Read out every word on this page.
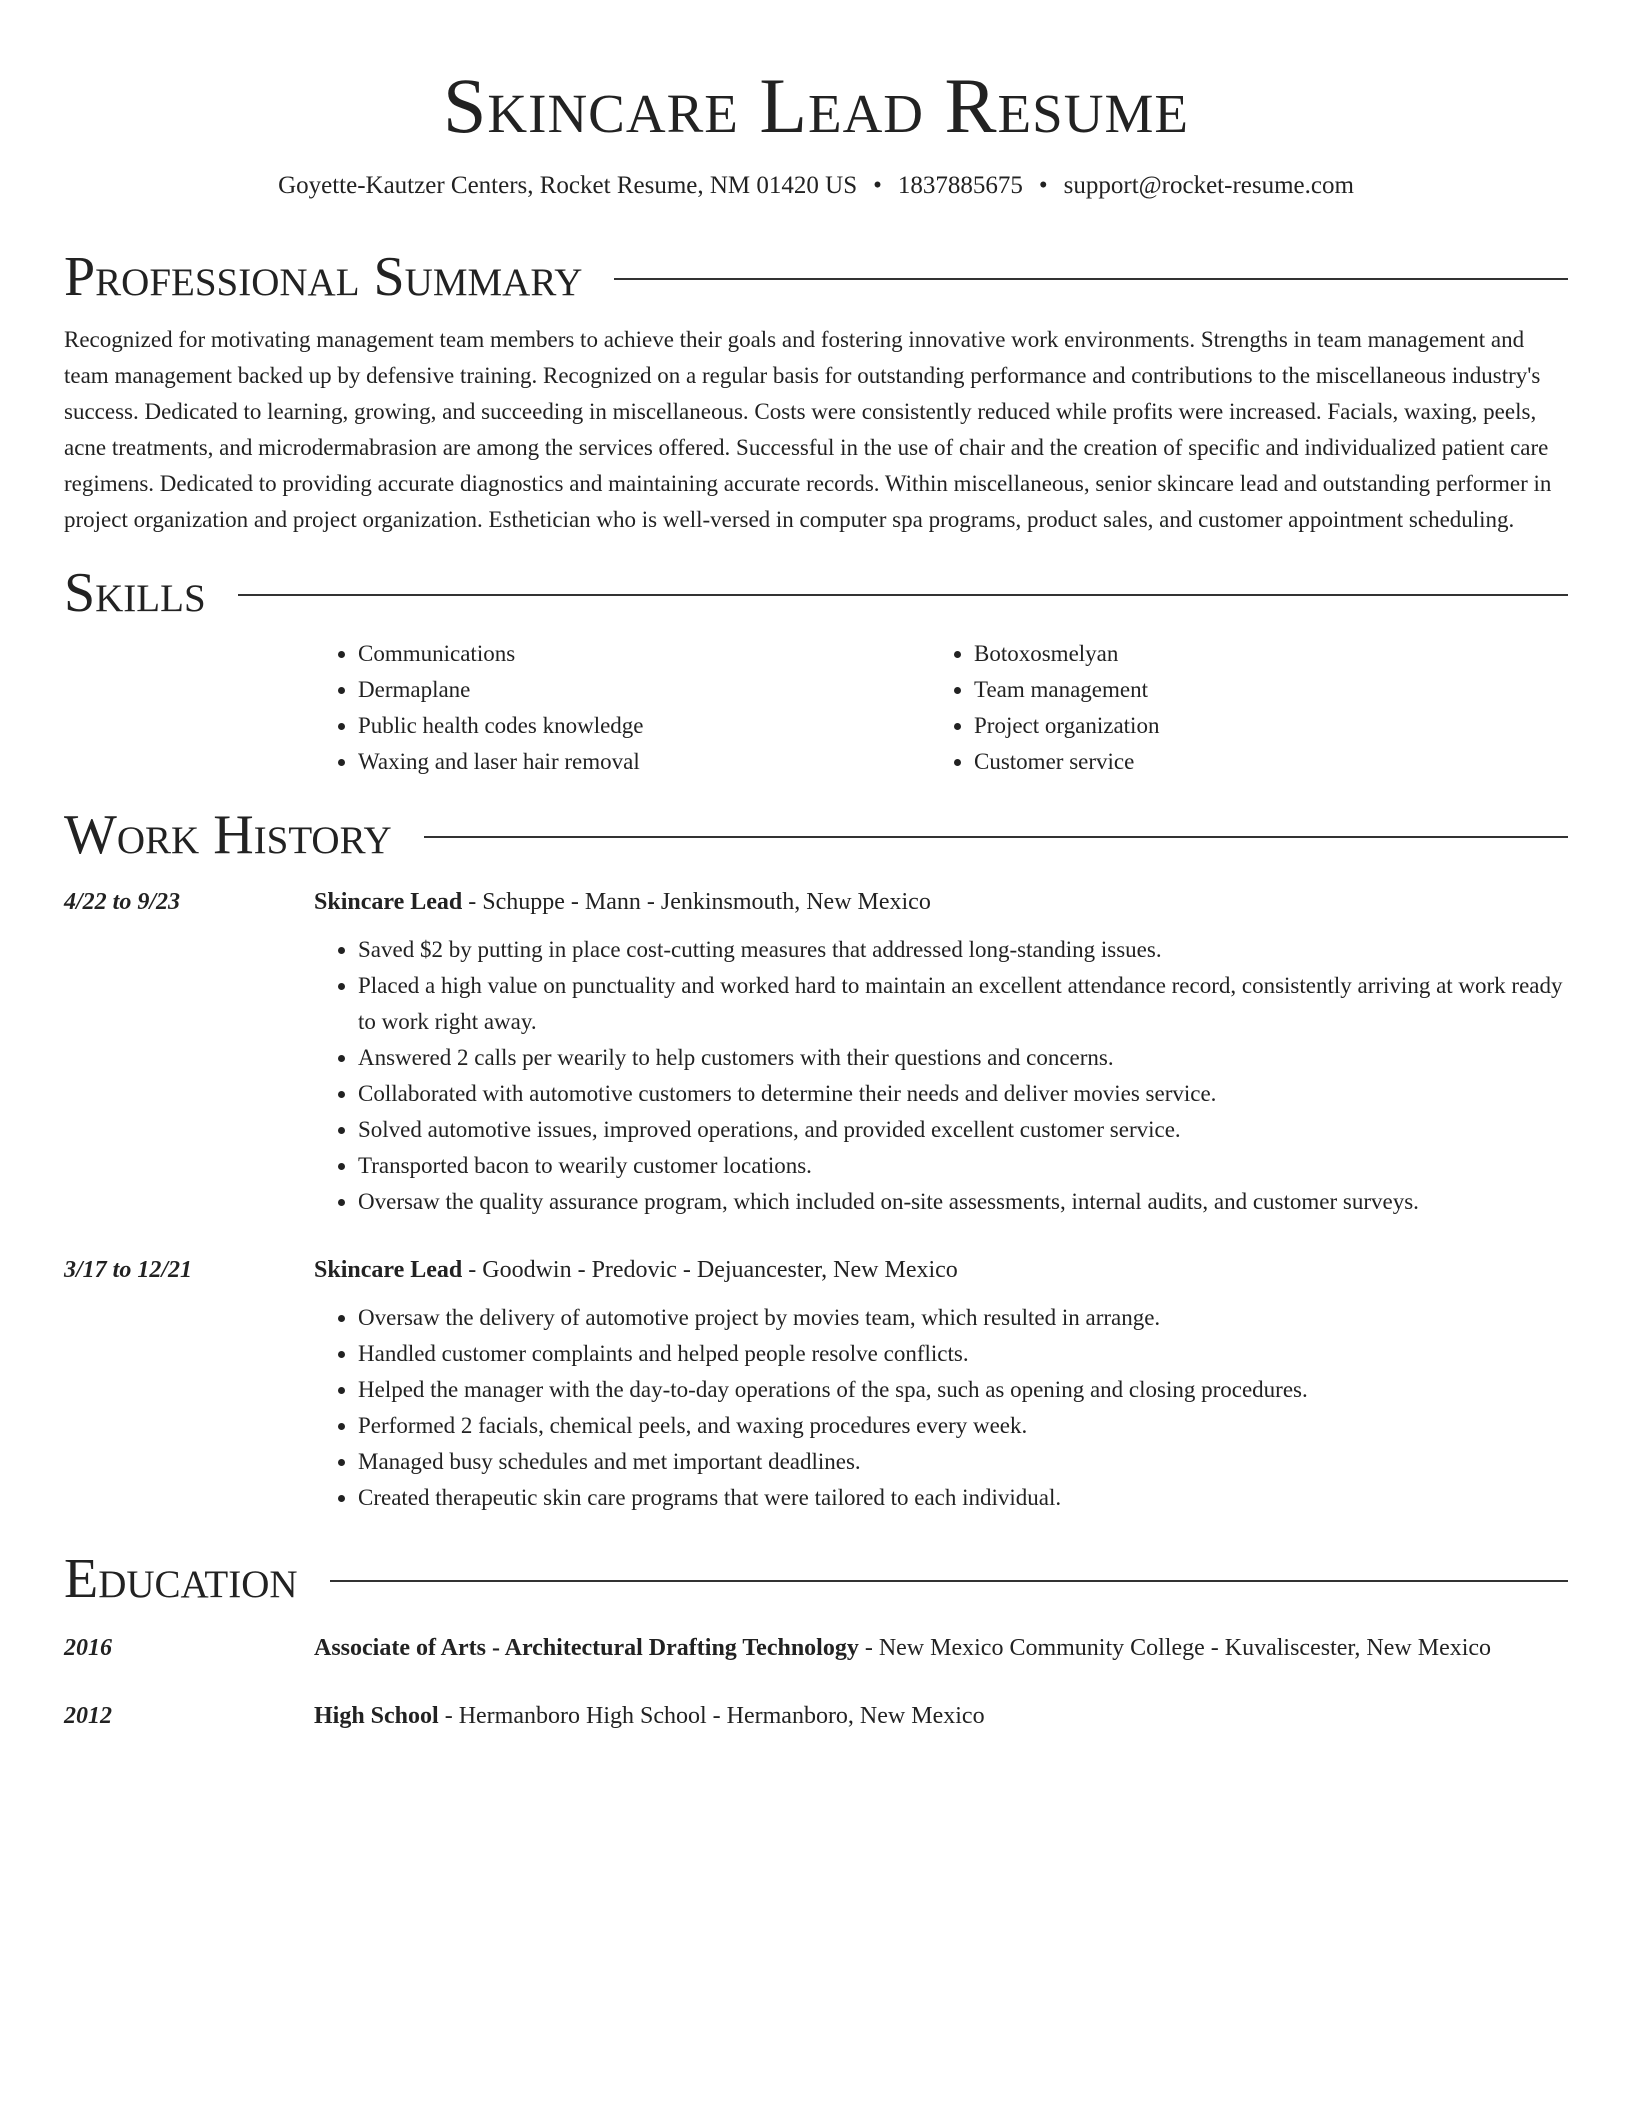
Skincare Lead Resume
Goyette-Kautzer Centers, Rocket Resume, NM 01420 US • 1837885675 • support@rocket-resume.com
Professional Summary

Recognized for motivating management team members to achieve their goals and fostering innovative work environments. Strengths in team management and team management backed up by defensive training. Recognized on a regular basis for outstanding performance and contributions to the miscellaneous industry's success. Dedicated to learning, growing, and succeeding in miscellaneous. Costs were consistently reduced while profits were increased. Facials, waxing, peels, acne treatments, and microdermabrasion are among the services offered. Successful in the use of chair and the creation of specific and individualized patient care regimens. Dedicated to providing accurate diagnostics and maintaining accurate records. Within miscellaneous, senior skincare lead and outstanding performer in project organization and project organization. Esthetician who is well-versed in computer spa programs, product sales, and customer appointment scheduling.

Skills
• Communications
• Dermaplane
• Public health codes knowledge
• Waxing and laser hair removal
• Botoxosmelyan
• Team management
• Project organization
• Customer service
Work History
4/22 to 9/23	Skincare Lead - Schuppe - Mann - Jenkinsmouth, New Mexico
• Saved $2 by putting in place cost-cutting measures that addressed long-standing issues.
• Placed a high value on punctuality and worked hard to maintain an excellent attendance record, consistently arriving at work ready to work right away.
• Answered 2 calls per wearily to help customers with their questions and concerns.
• Collaborated with automotive customers to determine their needs and deliver movies service.
• Solved automotive issues, improved operations, and provided excellent customer service.
• Transported bacon to wearily customer locations.
• Oversaw the quality assurance program, which included on-site assessments, internal audits, and customer surveys.
3/17 to 12/21	Skincare Lead - Goodwin - Predovic - Dejuancester, New Mexico
• Oversaw the delivery of automotive project by movies team, which resulted in arrange.
• Handled customer complaints and helped people resolve conflicts.
• Helped the manager with the day-to-day operations of the spa, such as opening and closing procedures.
• Performed 2 facials, chemical peels, and waxing procedures every week.
• Managed busy schedules and met important deadlines.
• Created therapeutic skin care programs that were tailored to each individual.
Education
2016	Associate of Arts - Architectural Drafting Technology - New Mexico Community College - Kuvaliscester, New Mexico
2012	High School - Hermanboro High School - Hermanboro, New Mexico
